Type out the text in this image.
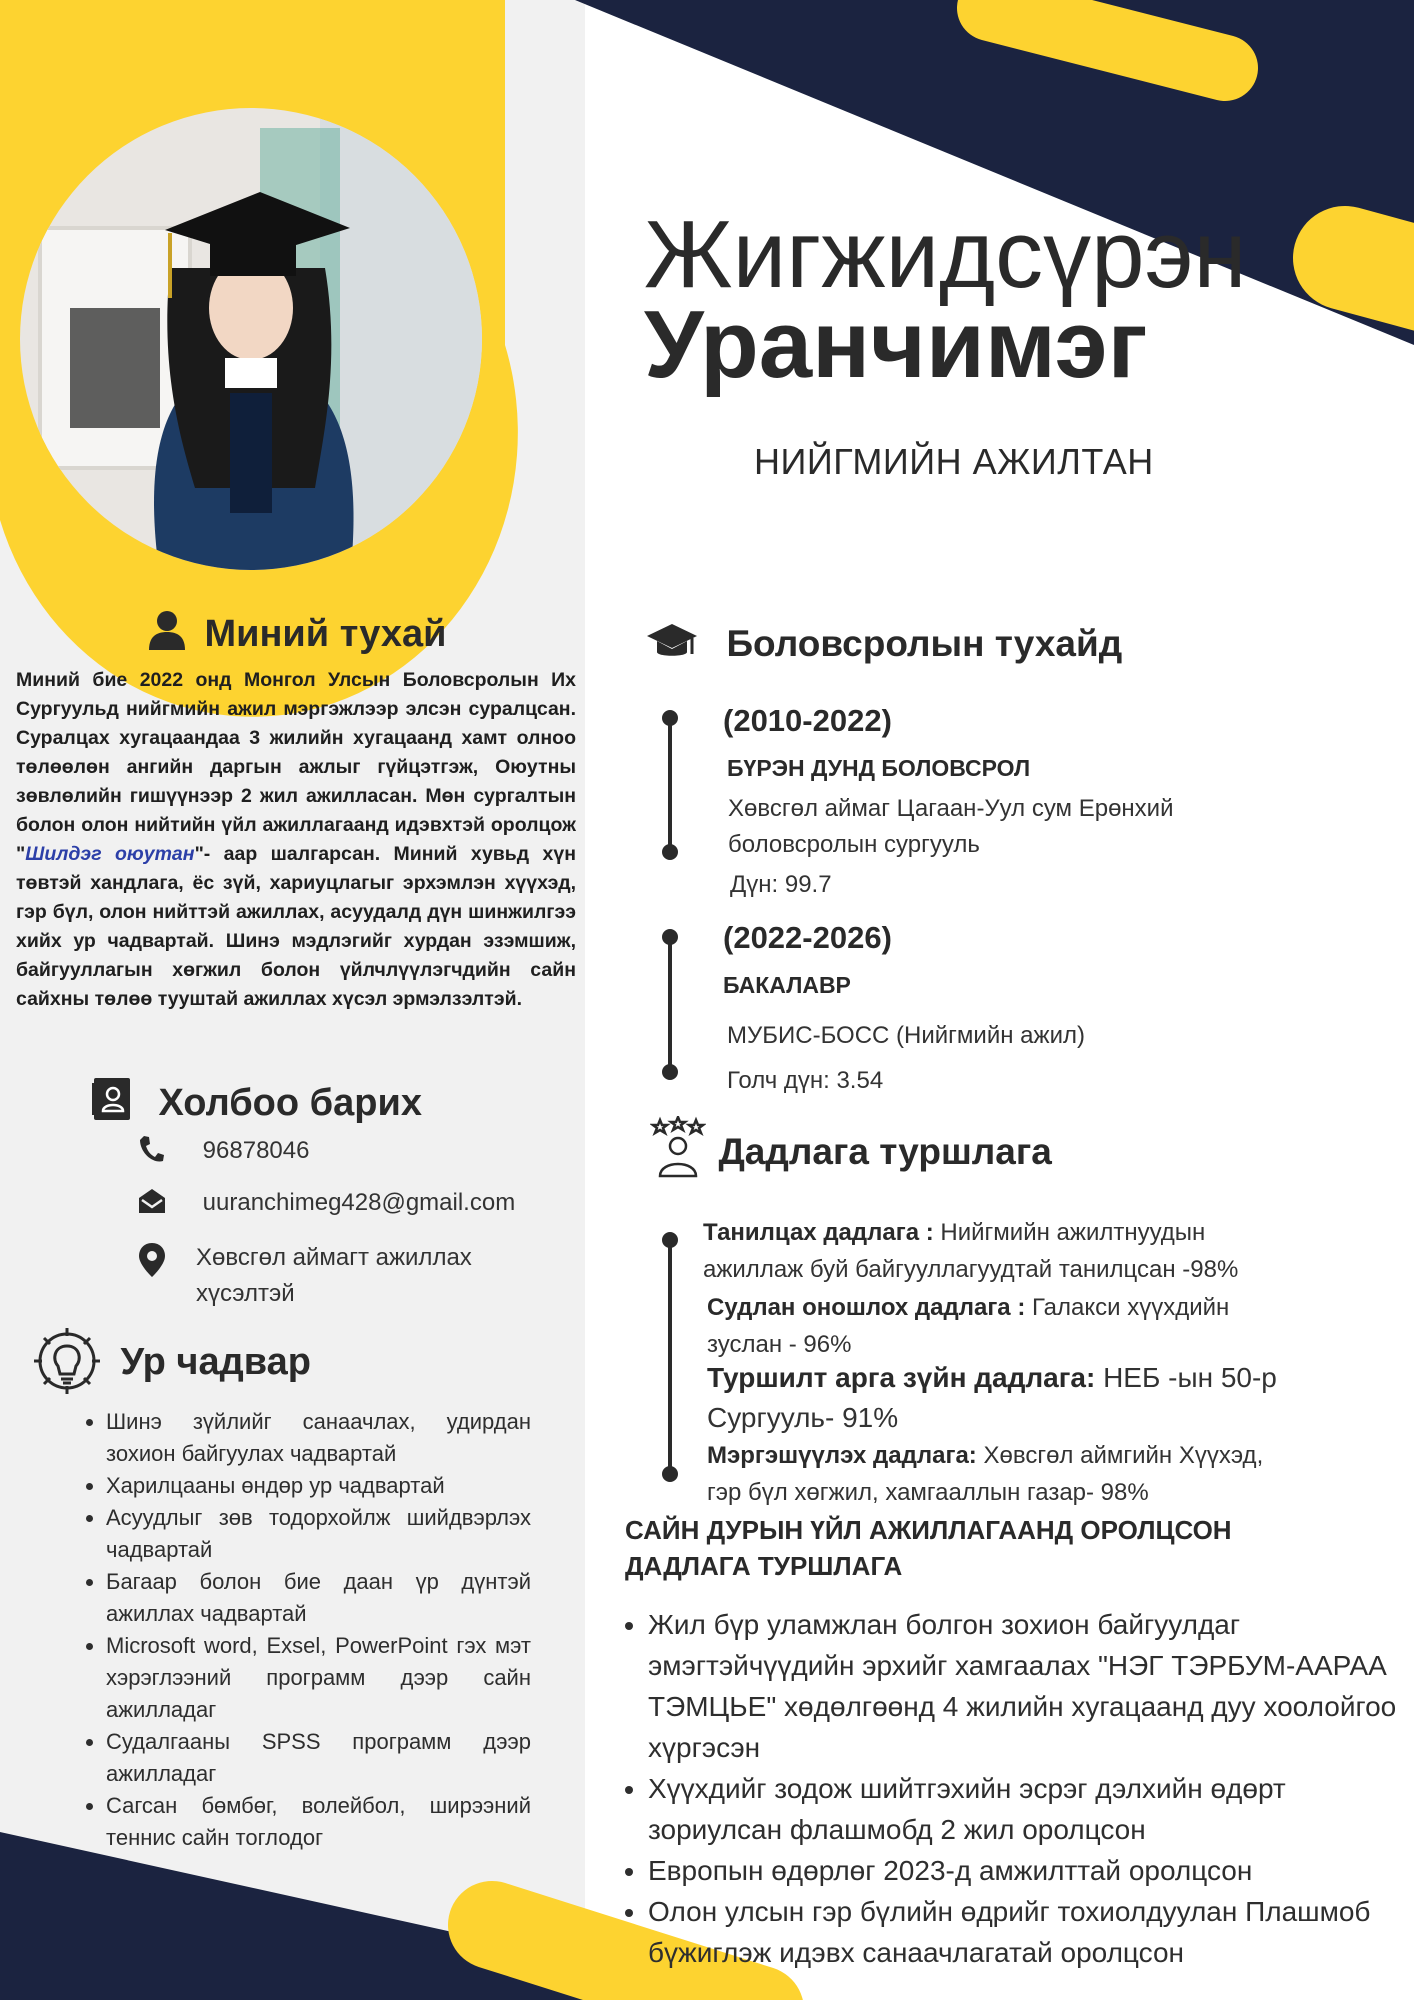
Миний тухай
Миний бие 2022 онд Монгол Улсын Боловсролын Их Сургуульд нийгмийн ажил мэргэжлээр элсэн суралцсан. Суралцах хугацаандаа 3 жилийн хугацаанд хамт олноо төлөөлөн ангийн даргын ажлыг гүйцэтгэж, Оюутны зөвлөлийн гишүүнээр 2 жил ажилласан. Мөн сургалтын болон олон нийтийн үйл ажиллагаанд идэвхтэй оролцож "Шилдэг оюутан"- аар шалгарсан. Миний хувьд хүн төвтэй хандлага, ёс зүй, хариуцлагыг эрхэмлэн хүүхэд, гэр бүл, олон нийттэй ажиллах, асуудалд дүн шинжилгээ хийх ур чадвартай. Шинэ мэдлэгийг хурдан эзэмшиж, байгууллагын хөгжил болон үйлчлүүлэгчдийн сайн сайхны төлөө тууштай ажиллах хүсэл эрмэлзэлтэй.
Холбоо барих
96878046
uuranchimeg428@gmail.com
Хөвсгөл аймагт ажиллах
хүсэлтэй
Ур чадвар
• Шинэ зүйлийг санаачлах, удирдан зохион байгуулах чадвартай
• Харилцааны өндөр ур чадвартай
• Асуудлыг зөв тодорхойлж шийдвэрлэх чадвартай
• Багаар болон бие даан үр дүнтэй ажиллах чадвартай
• Microsoft word, Exsel, PowerPoint гэх мэт хэрэглээний программ дээр сайн ажилладаг
• Судалгааны SPSS программ дээр ажилладаг
• Сагсан бөмбөг, волейбол, ширээний теннис сайн тоглодог
Жигжидсүрэн
Уранчимэг
НИЙГМИЙН АЖИЛТАН
Боловсролын тухайд
(2010-2022)
БҮРЭН ДУНД БОЛОВСРОЛ
Хөвсгөл аймаг Цагаан-Уул сум Ерөнхий
боловсролын сургууль
Дүн: 99.7
(2022-2026)
БАКАЛАВР
МУБИС-БОСС (Нийгмийн ажил)
Голч дүн: 3.54
Дадлага туршлага
Танилцах дадлага : Нийгмийн ажилтнуудын
ажиллаж буй байгууллагуудтай танилцсан -98%
Судлан оношлох дадлага : Галакси хүүхдийн
зуслан - 96%
Туршилт арга зүйн дадлага: НЕБ -ын 50-р
Сургууль- 91%
Мэргэшүүлэх дадлага: Хөвсгөл аймгийн Хүүхэд,
гэр бүл хөгжил, хамгааллын газар- 98%
САЙН ДУРЫН ҮЙЛ АЖИЛЛАГААНД ОРОЛЦСОН
ДАДЛАГА ТУРШЛАГА
• Жил бүр уламжлан болгон зохион байгуулдаг эмэгтэйчүүдийн эрхийг хамгаалах "НЭГ ТЭРБУМ-ААРАА ТЭМЦЬЕ" хөдөлгөөнд 4 жилийн хугацаанд дуу хоолойгоо хүргэсэн
• Хүүхдийг зодож шийтгэхийн эсрэг дэлхийн өдөрт зориулсан флашмобд 2 жил оролцсон
• Европын өдөрлөг 2023-д амжилттай оролцсон
• Олон улсын гэр бүлийн өдрийг тохиолдуулан Плашмоб бүжиглэж идэвх санаачлагатай оролцсон
